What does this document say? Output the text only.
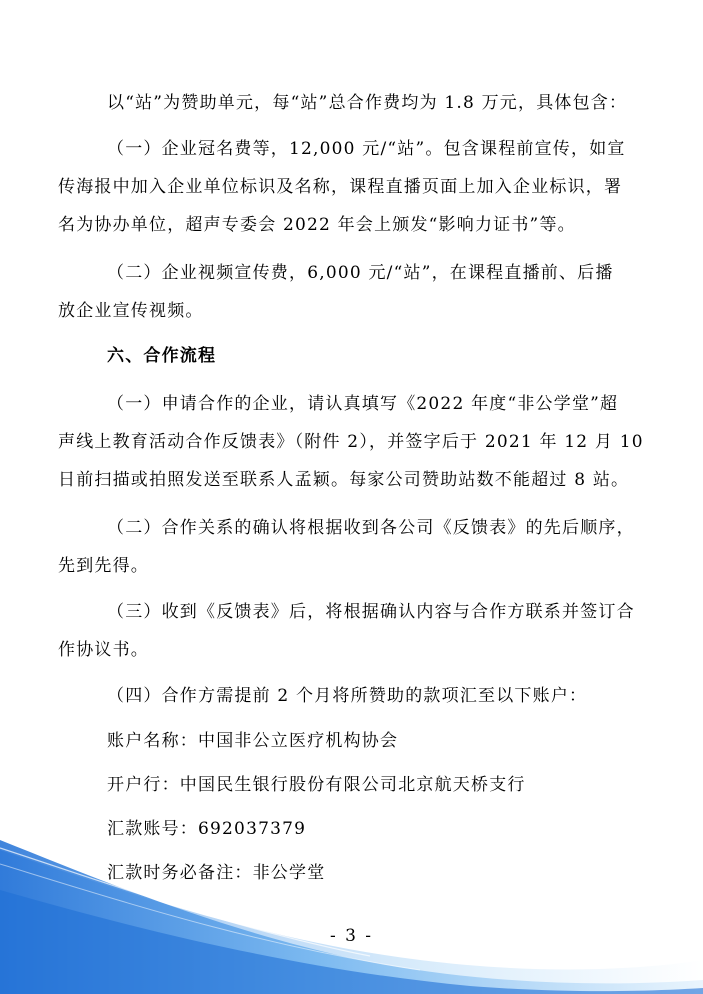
以“站”为赞助单元，每“站”总合作费均为 1.8 万元，具体包含：
（一）企业冠名费等，12,000 元/“站”。包含课程前宣传，如宣
传海报中加入企业单位标识及名称，课程直播页面上加入企业标识，署
名为协办单位，超声专委会 2022 年会上颁发“影响力证书”等。
（二）企业视频宣传费，6,000 元/“站”，在课程直播前、后播
放企业宣传视频。
六、合作流程
（一）申请合作的企业，请认真填写《2022 年度“非公学堂”超
声线上教育活动合作反馈表》（附件 2），并签字后于 2021 年 12 月 10
日前扫描或拍照发送至联系人孟颖。每家公司赞助站数不能超过 8 站。
（二）合作关系的确认将根据收到各公司《反馈表》的先后顺序，
先到先得。
（三）收到《反馈表》后，将根据确认内容与合作方联系并签订合
作协议书。
（四）合作方需提前 2 个月将所赞助的款项汇至以下账户：
账户名称：中国非公立医疗机构协会
开户行：中国民生银行股份有限公司北京航天桥支行
汇款账号：692037379
汇款时务必备注：非公学堂
- 3 -
